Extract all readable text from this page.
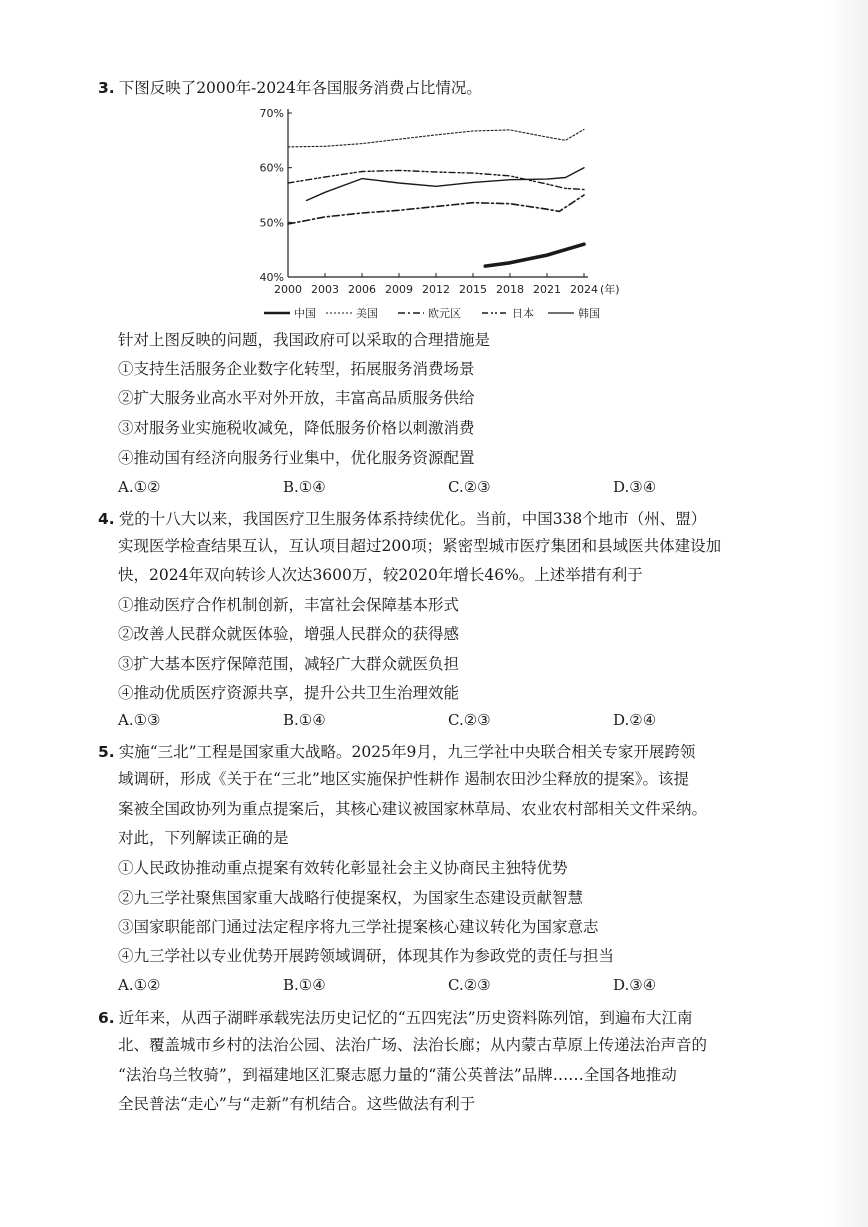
3. 下图反映了2000年-2024年各国服务消费占比情况。
40%
50%
60%
70%
2000 2003 2006 2009 2012 2015 2018 2021 2024 (年)
中国	美国	欧元区	日本	韩国
针对上图反映的问题，我国政府可以采取的合理措施是
①支持生活服务企业数字化转型，拓展服务消费场景
②扩大服务业高水平对外开放，丰富高品质服务供给
③对服务业实施税收减免，降低服务价格以刺激消费
④推动国有经济向服务行业集中，优化服务资源配置
A.①②	B.①④	C.②③	D.③④
4. 党的十八大以来，我国医疗卫生服务体系持续优化。当前，中国338个地市（州、盟）
实现医学检查结果互认，互认项目超过200项；紧密型城市医疗集团和县域医共体建设加
快，2024年双向转诊人次达3600万，较2020年增长46%。上述举措有利于
①推动医疗合作机制创新，丰富社会保障基本形式
②改善人民群众就医体验，增强人民群众的获得感
③扩大基本医疗保障范围，减轻广大群众就医负担
④推动优质医疗资源共享，提升公共卫生治理效能
A.①③	B.①④	C.②③	D.②④
5. 实施“三北”工程是国家重大战略。2025年9月，九三学社中央联合相关专家开展跨领
域调研，形成《关于在“三北”地区实施保护性耕作 遏制农田沙尘释放的提案》。该提
案被全国政协列为重点提案后，其核心建议被国家林草局、农业农村部相关文件采纳。
对此，下列解读正确的是
①人民政协推动重点提案有效转化彰显社会主义协商民主独特优势
②九三学社聚焦国家重大战略行使提案权，为国家生态建设贡献智慧
③国家职能部门通过法定程序将九三学社提案核心建议转化为国家意志
④九三学社以专业优势开展跨领域调研，体现其作为参政党的责任与担当
A.①②	B.①④	C.②③	D.③④
6. 近年来，从西子湖畔承载宪法历史记忆的“五四宪法”历史资料陈列馆，到遍布大江南
北、覆盖城市乡村的法治公园、法治广场、法治长廊；从内蒙古草原上传递法治声音的
“法治乌兰牧骑”，到福建地区汇聚志愿力量的“蒲公英普法”品牌……全国各地推动
全民普法“走心”与“走新”有机结合。这些做法有利于
